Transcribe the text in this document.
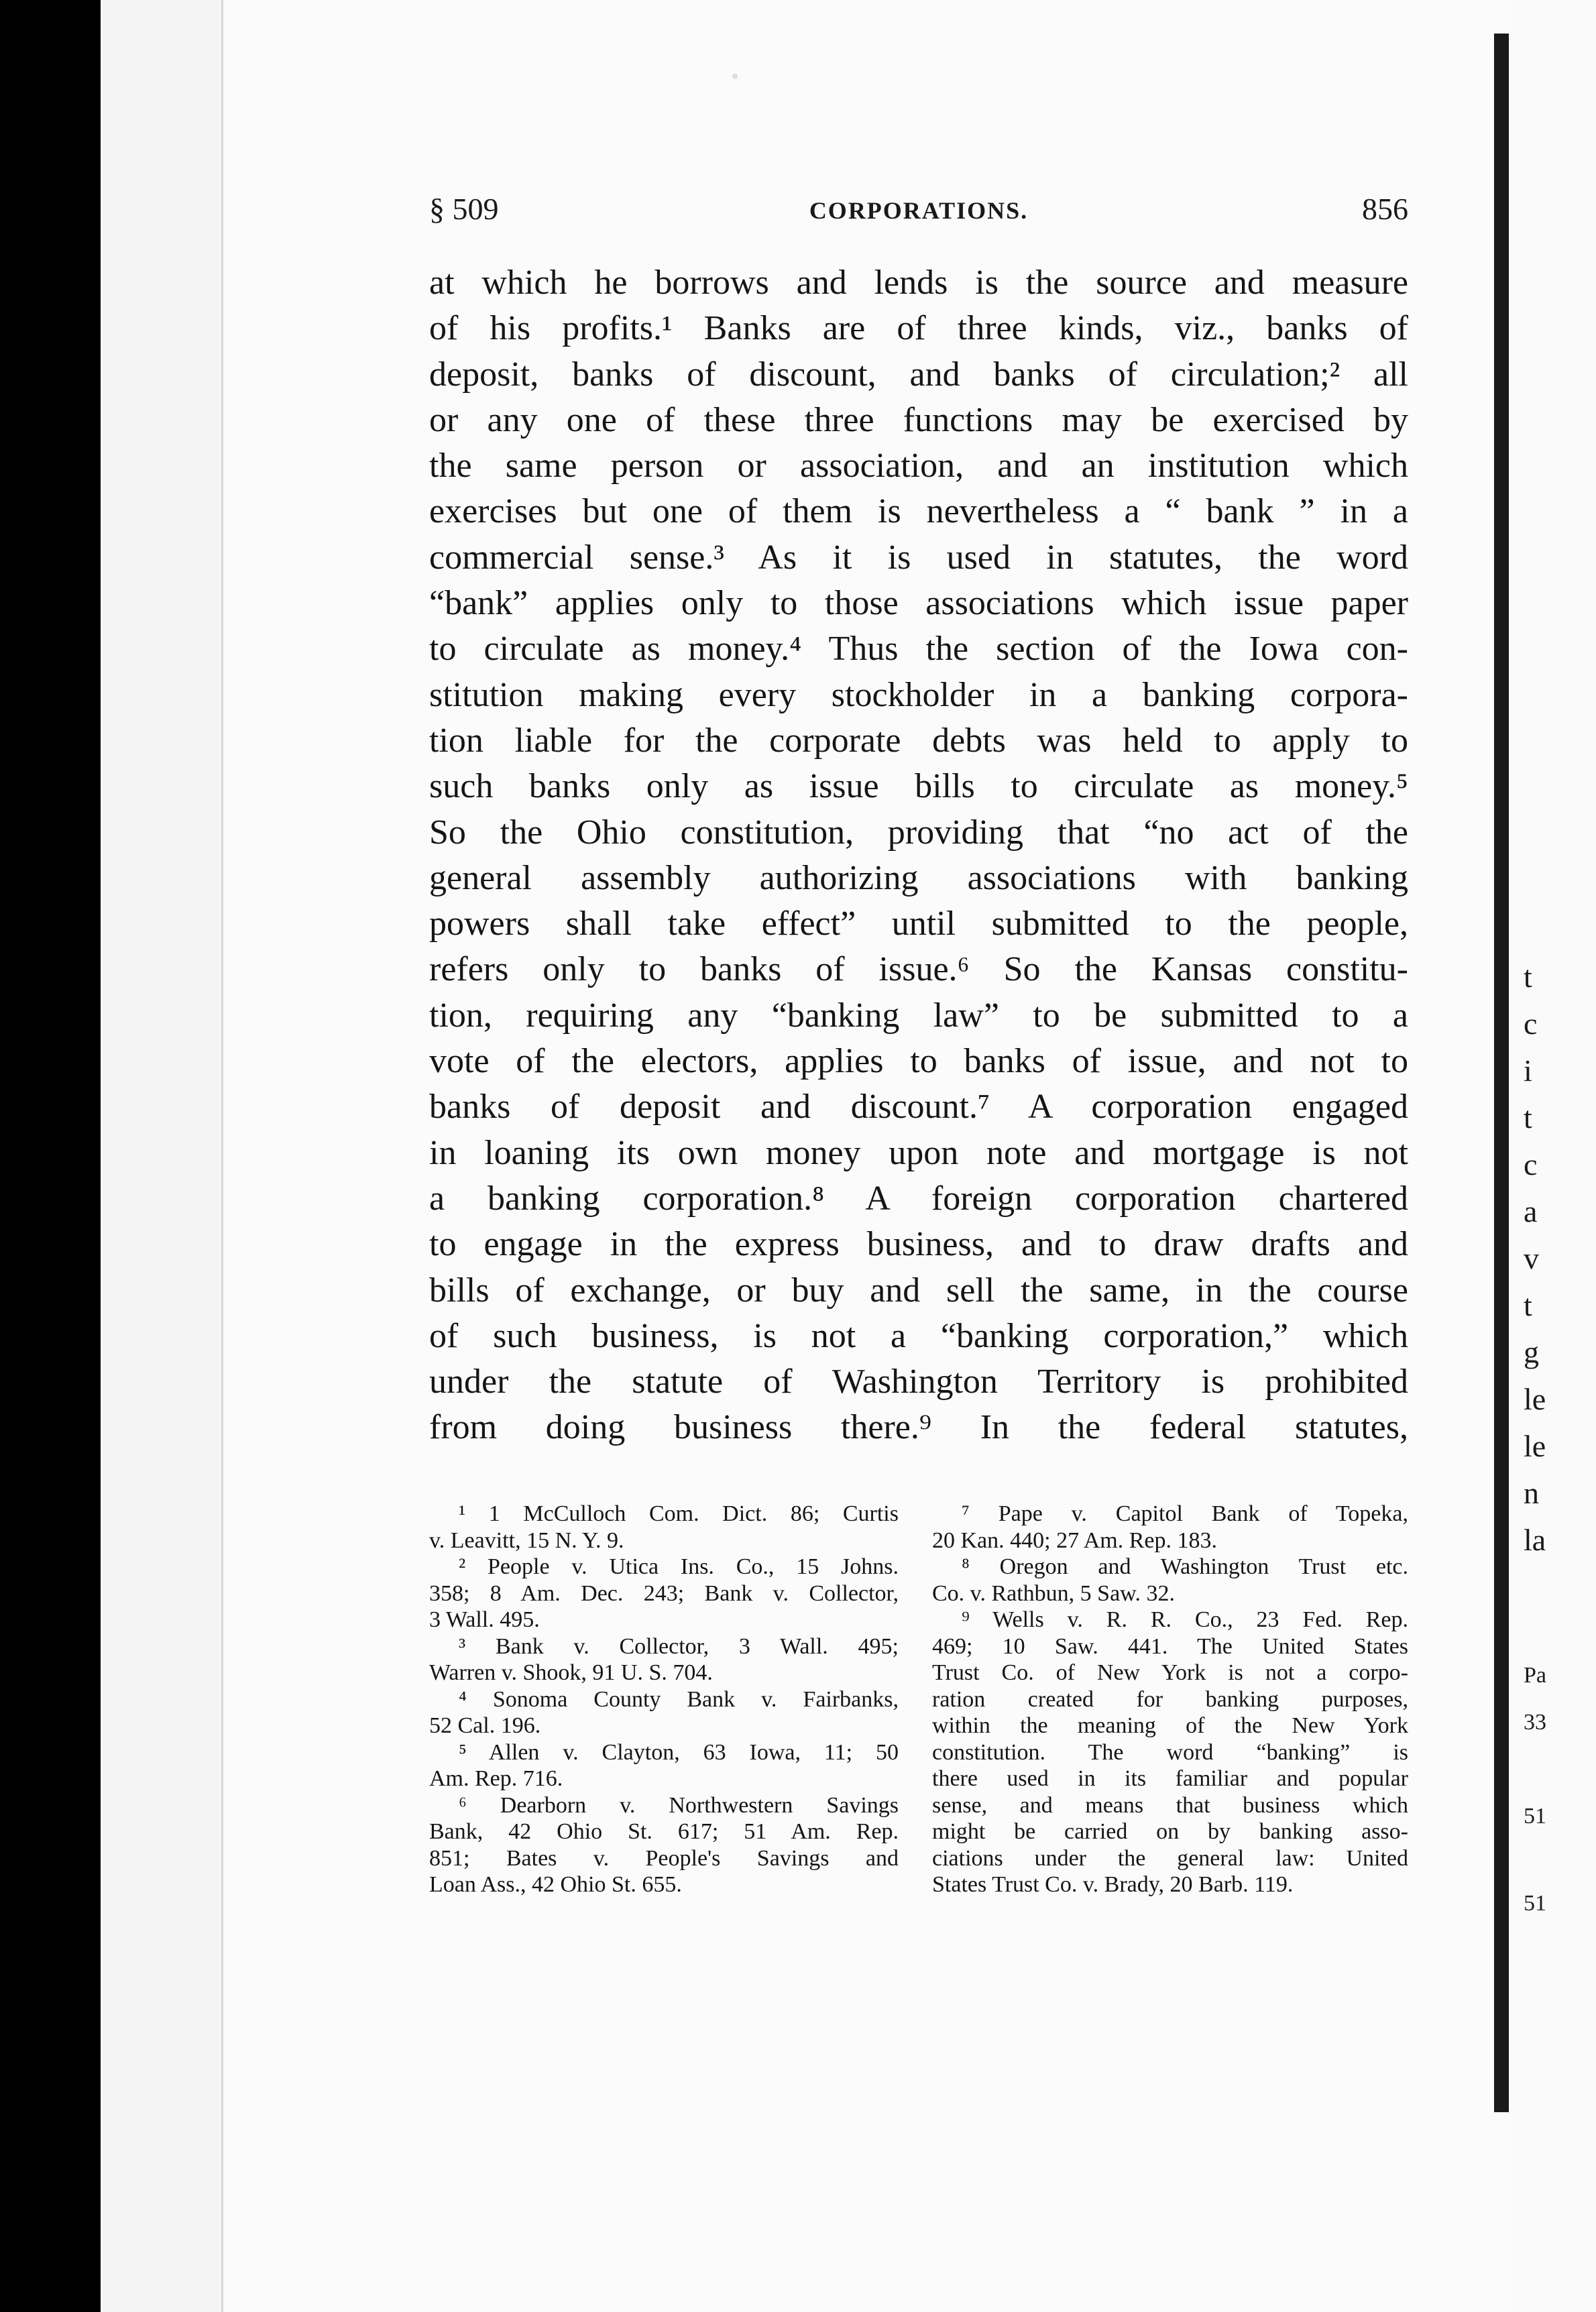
t
c
i
t
c
a
v
t
g
le
le
n
la
Pa
33
51
51
§ 509	CORPORATIONS.	856
at which he borrows and lends is the source and measure
of his profits.¹ Banks are of three kinds, viz., banks of
deposit, banks of discount, and banks of circulation;² all
or any one of these three functions may be exercised by
the same person or association, and an institution which
exercises but one of them is nevertheless a “ bank ” in a
commercial sense.³ As it is used in statutes, the word
“bank” applies only to those associations which issue paper
to circulate as money.⁴ Thus the section of the Iowa con-
stitution making every stockholder in a banking corpora-
tion liable for the corporate debts was held to apply to
such banks only as issue bills to circulate as money.⁵
So the Ohio constitution, providing that “no act of the
general assembly authorizing associations with banking
powers shall take effect” until submitted to the people,
refers only to banks of issue.⁶ So the Kansas constitu-
tion, requiring any “banking law” to be submitted to a
vote of the electors, applies to banks of issue, and not to
banks of deposit and discount.⁷ A corporation engaged
in loaning its own money upon note and mortgage is not
a banking corporation.⁸ A foreign corporation chartered
to engage in the express business, and to draw drafts and
bills of exchange, or buy and sell the same, in the course
of such business, is not a “banking corporation,” which
under the statute of Washington Territory is prohibited
from doing business there.⁹ In the federal statutes,
¹ 1 McCulloch Com. Dict. 86; Curtis
v. Leavitt, 15 N. Y. 9.
² People v. Utica Ins. Co., 15 Johns.
358; 8 Am. Dec. 243; Bank v. Collector,
3 Wall. 495.
³ Bank v. Collector, 3 Wall. 495;
Warren v. Shook, 91 U. S. 704.
⁴ Sonoma County Bank v. Fairbanks,
52 Cal. 196.
⁵ Allen v. Clayton, 63 Iowa, 11; 50
Am. Rep. 716.
⁶ Dearborn v. Northwestern Savings
Bank, 42 Ohio St. 617; 51 Am. Rep.
851; Bates v. People's Savings and
Loan Ass., 42 Ohio St. 655.
⁷ Pape v. Capitol Bank of Topeka,
20 Kan. 440; 27 Am. Rep. 183.
⁸ Oregon and Washington Trust etc.
Co. v. Rathbun, 5 Saw. 32.
⁹ Wells v. R. R. Co., 23 Fed. Rep.
469; 10 Saw. 441. The United States
Trust Co. of New York is not a corpo-
ration created for banking purposes,
within the meaning of the New York
constitution. The word “banking” is
there used in its familiar and popular
sense, and means that business which
might be carried on by banking asso-
ciations under the general law: United
States Trust Co. v. Brady, 20 Barb. 119.
